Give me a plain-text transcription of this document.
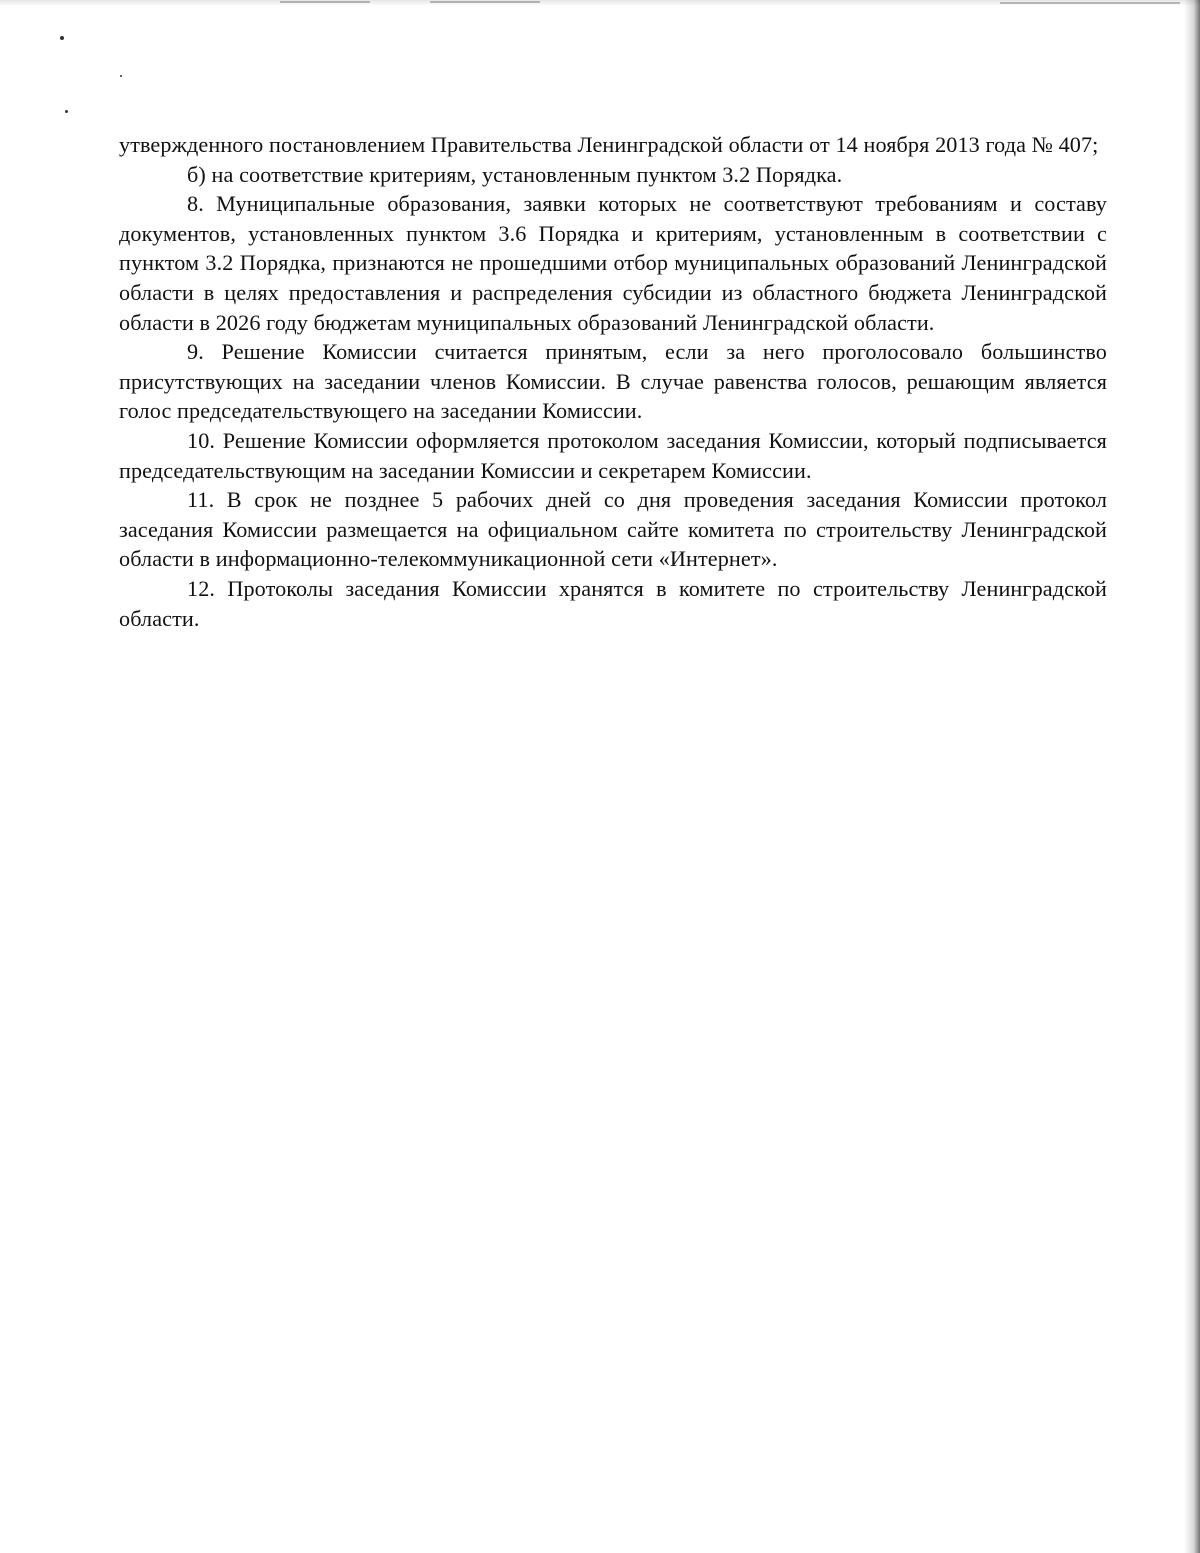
утвержденного постановлением Правительства Ленинградской области от 14 ноября 2013 года № 407;

б) на соответствие критериям, установленным пунктом 3.2 Порядка.

8. Муниципальные образования, заявки которых не соответствуют требованиям и составу документов, установленных пунктом 3.6 Порядка и критериям, установленным в соответствии с пунктом 3.2 Порядка, признаются не прошедшими отбор муниципальных образований Ленинградской области в целях предоставления и распределения субсидии из областного бюджета Ленинградской области в 2026 году бюджетам муниципальных образований Ленинградской области.

9. Решение Комиссии считается принятым, если за него проголосовало большинство присутствующих на заседании членов Комиссии. В случае равенства голосов, решающим является голос председательствующего на заседании Комиссии.

10. Решение Комиссии оформляется протоколом заседания Комиссии, который подписывается председательствующим на заседании Комиссии и секретарем Комиссии.

11. В срок не позднее 5 рабочих дней со дня проведения заседания Комиссии протокол заседания Комиссии размещается на официальном сайте комитета по строительству Ленинградской области в информационно-телекоммуникационной сети «Интернет».

12. Протоколы заседания Комиссии хранятся в комитете по строительству Ленинградской области.
